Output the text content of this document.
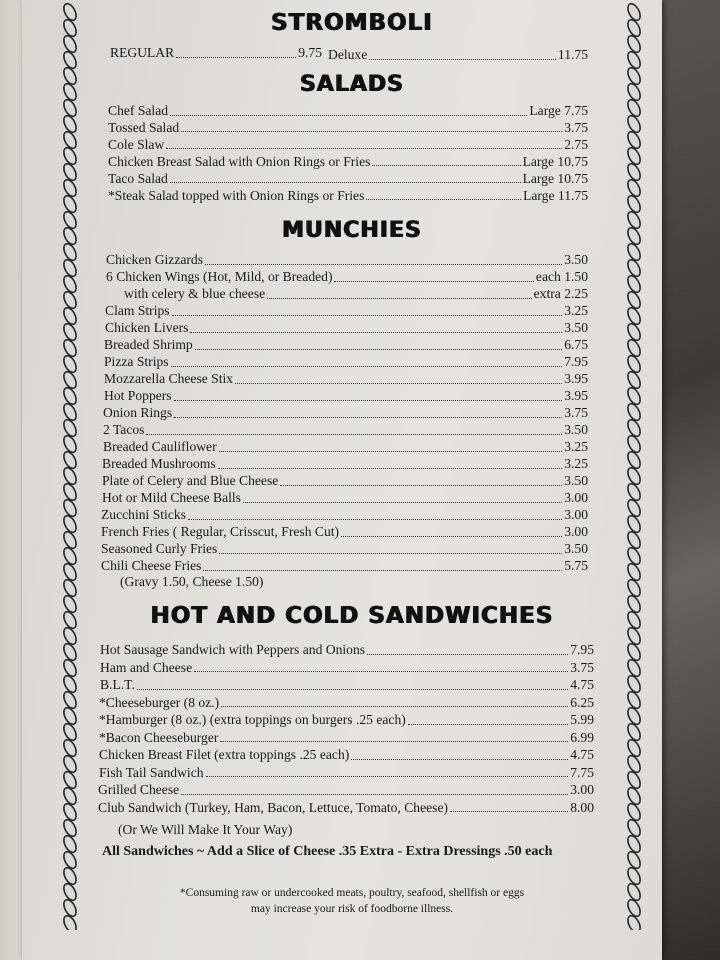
STROMBOLI
REGULAR	9.75 Deluxe	11.75
SALADS
Chef Salad	Large 7.75
Tossed Salad	3.75
Cole Slaw	2.75
Chicken Breast Salad with Onion Rings or Fries	Large 10.75
Taco Salad	Large 10.75
*Steak Salad topped with Onion Rings or Fries	Large 11.75
MUNCHIES
Chicken Gizzards	3.50
6 Chicken Wings (Hot, Mild, or Breaded)	each 1.50
with celery & blue cheese	extra 2.25
Clam Strips	3.25
Chicken Livers	3.50
Breaded Shrimp	6.75
Pizza Strips	7.95
Mozzarella Cheese Stix	3.95
Hot Poppers	3.95
Onion Rings	3.75
2 Tacos	3.50
Breaded Cauliflower	3.25
Breaded Mushrooms	3.25
Plate of Celery and Blue Cheese	3.50
Hot or Mild Cheese Balls	3.00
Zucchini Sticks	3.00
French Fries ( Regular, Crisscut, Fresh Cut)	3.00
Seasoned Curly Fries	3.50
Chili Cheese Fries	5.75
(Gravy 1.50, Cheese 1.50)
HOT AND COLD SANDWICHES
Hot Sausage Sandwich with Peppers and Onions	7.95
Ham and Cheese	3.75
B.L.T.	4.75
*Cheeseburger (8 oz.)	6.25
*Hamburger (8 oz.) (extra toppings on burgers .25 each)	5.99
*Bacon Cheeseburger	6.99
Chicken Breast Filet (extra toppings .25 each)	4.75
Fish Tail Sandwich	7.75
Grilled Cheese	3.00
Club Sandwich (Turkey, Ham, Bacon, Lettuce, Tomato, Cheese)	8.00
(Or We Will Make It Your Way)
All Sandwiches ~ Add a Slice of Cheese .35 Extra - Extra Dressings .50 each
*Consuming raw or undercooked meats, poultry, seafood, shellfish or eggs
may increase your risk of foodborne illness.
